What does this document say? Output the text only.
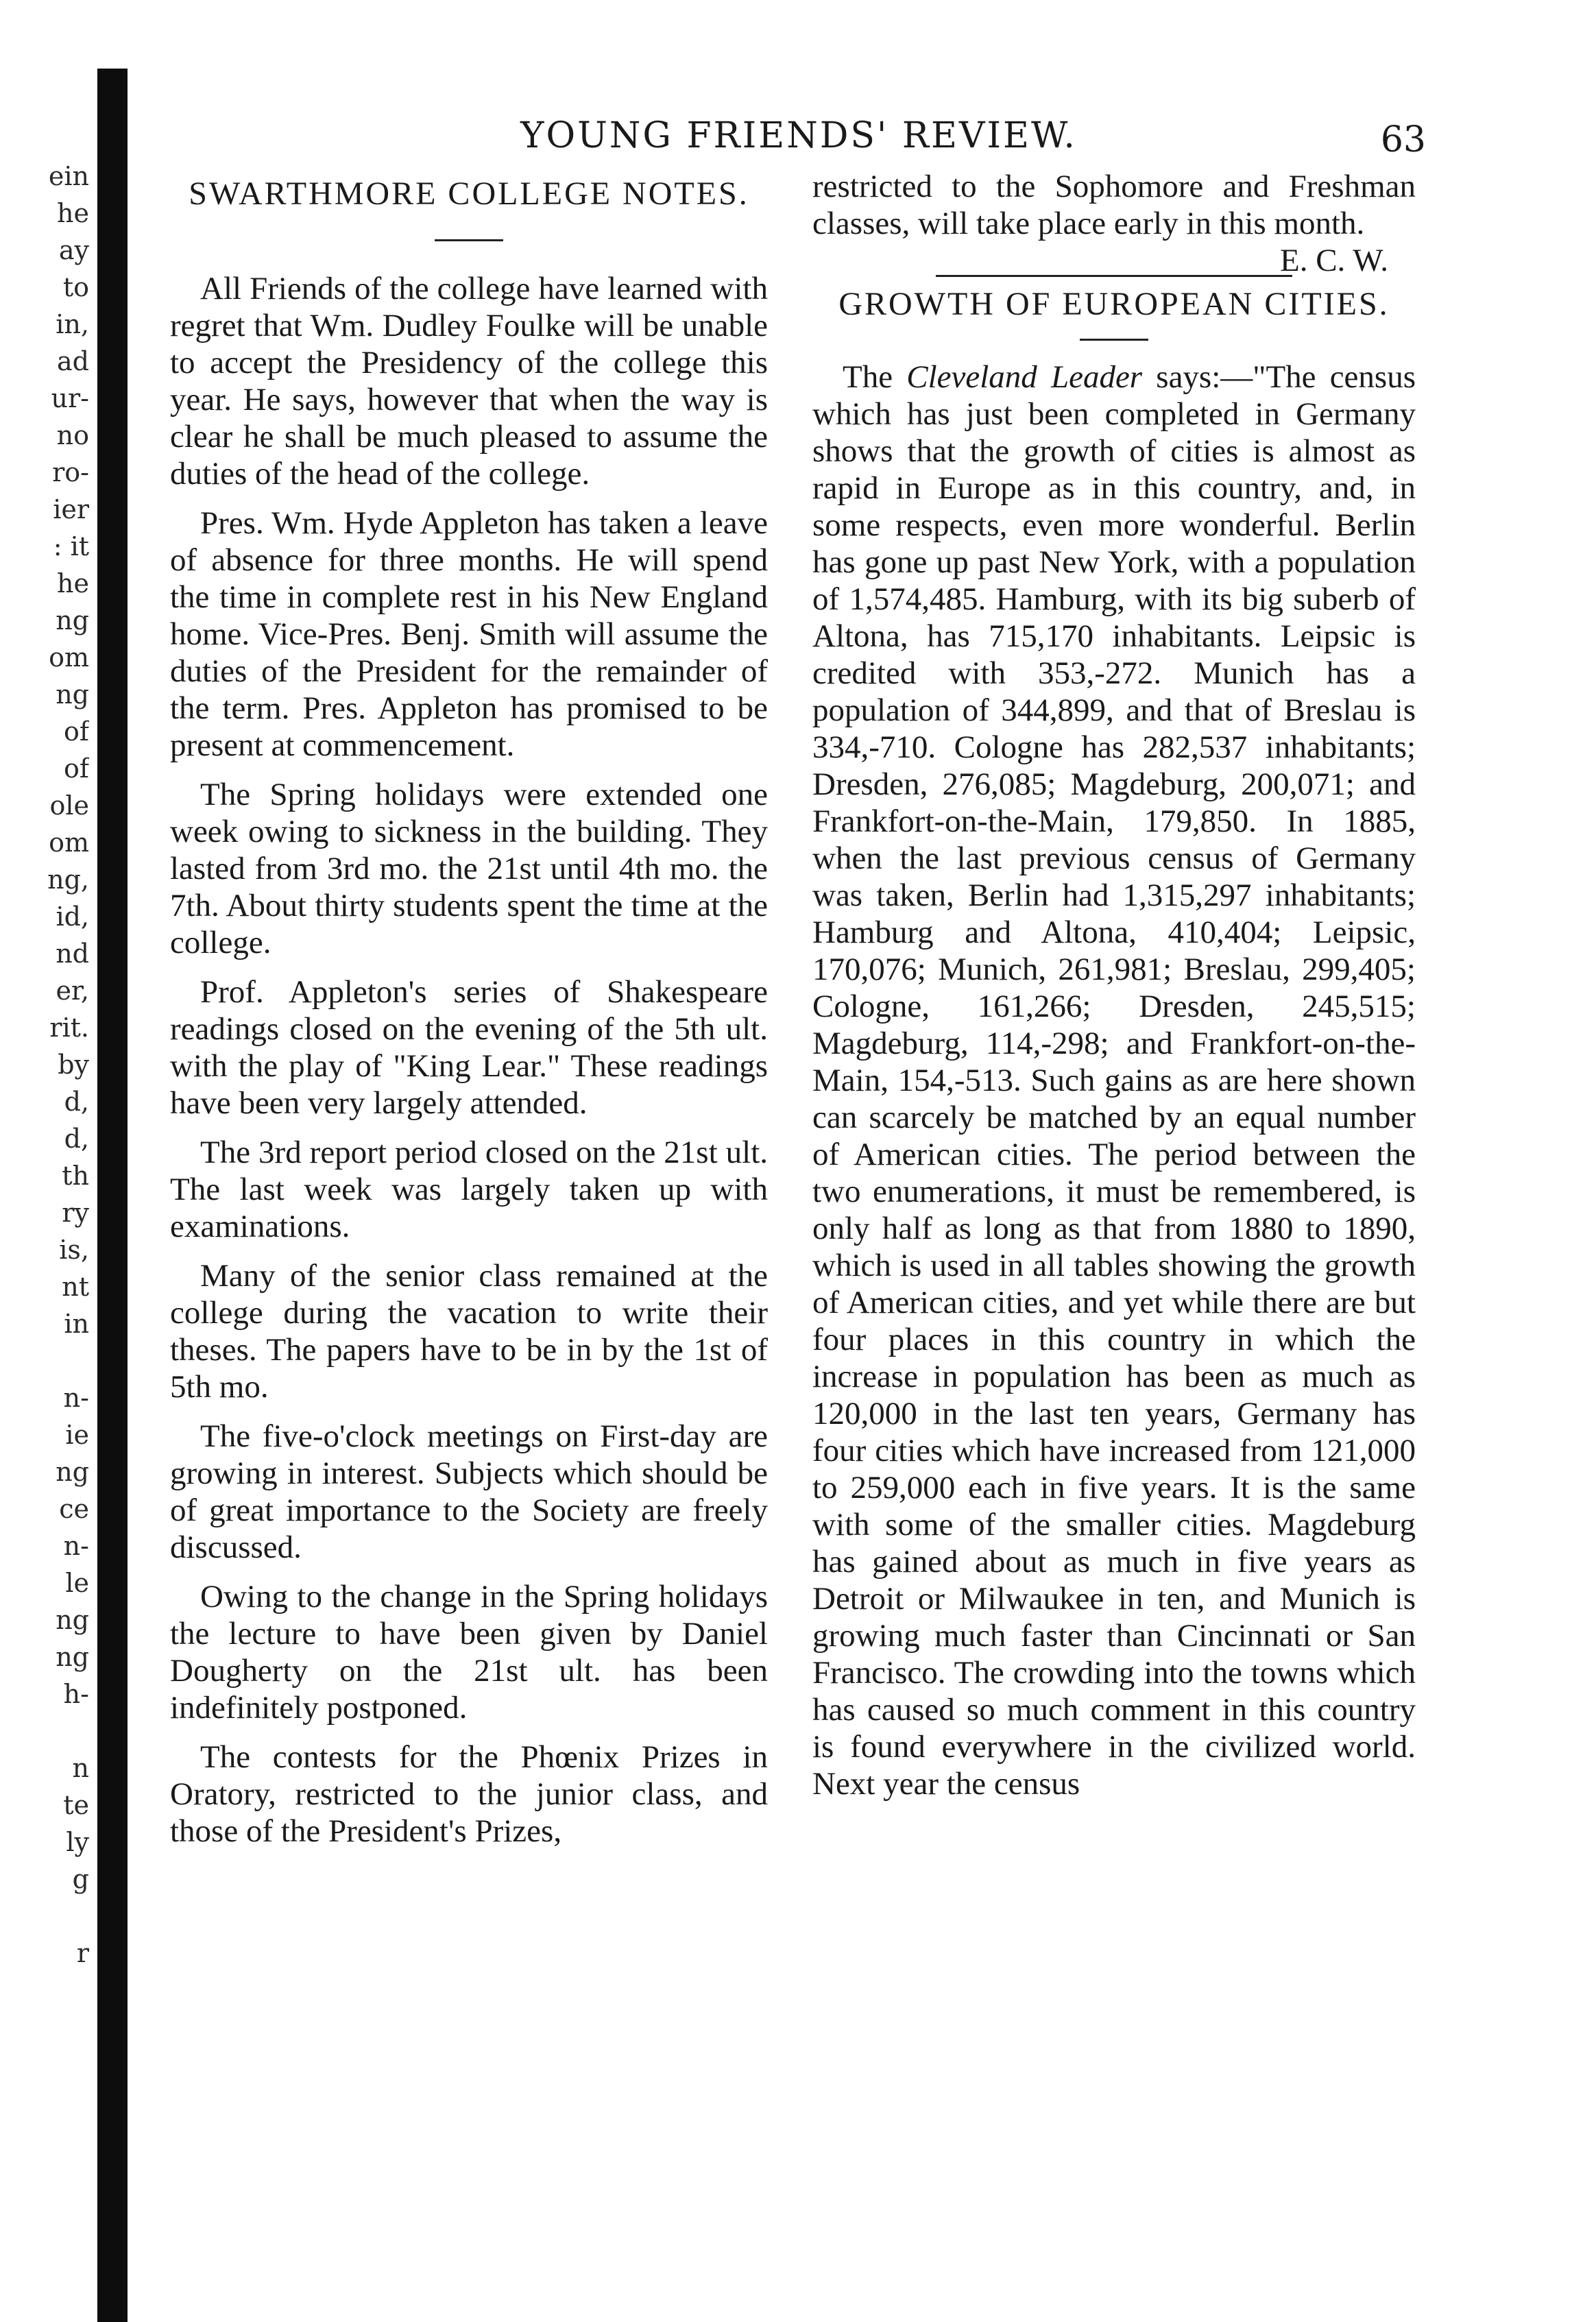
ein
he
ay
to
in,
ad
ur-
no
ro-
ier
: it
he
ng
om
ng
of
of
ole
om
ng,
id,
nd
er,
rit.
by
d,
d,
th
ry
is,
nt
in
n-
ie
ng
ce
n-
le
ng
ng
h-
n
te
ly
g
r
YOUNG FRIENDS' REVIEW.	63
SWARTHMORE COLLEGE NOTES.

All Friends of the college have learned with regret that Wm. Dudley Foulke will be unable to accept the Presidency of the college this year. He says, however that when the way is clear he shall be much pleased to assume the duties of the head of the college.

Pres. Wm. Hyde Appleton has taken a leave of absence for three months. He will spend the time in complete rest in his New England home. Vice-Pres. Benj. Smith will assume the duties of the President for the remainder of the term. Pres. Appleton has promised to be present at commencement.

The Spring holidays were extended one week owing to sickness in the building. They lasted from 3rd mo. the 21st until 4th mo. the 7th. About thirty students spent the time at the college.

Prof. Appleton's series of Shakespeare readings closed on the evening of the 5th ult. with the play of "King Lear." These readings have been very largely attended.

The 3rd report period closed on the 21st ult. The last week was largely taken up with examinations.

Many of the senior class remained at the college during the vacation to write their theses. The papers have to be in by the 1st of 5th mo.

The five-o'clock meetings on First-day are growing in interest. Subjects which should be of great importance to the Society are freely discussed.

Owing to the change in the Spring holidays the lecture to have been given by Daniel Dougherty on the 21st ult. has been indefinitely postponed.

The contests for the Phœnix Prizes in Oratory, restricted to the junior class, and those of the President's Prizes,

restricted to the Sophomore and Freshman classes, will take place early in this month.
E. C. W.

GROWTH OF EUROPEAN CITIES.

The Cleveland Leader says:—"The census which has just been completed in Germany shows that the growth of cities is almost as rapid in Europe as in this country, and, in some respects, even more wonderful. Berlin has gone up past New York, with a population of 1,574,485. Hamburg, with its big suberb of Altona, has 715,170 inhabitants. Leipsic is credited with 353,-272. Munich has a population of 344,899, and that of Breslau is 334,-710. Cologne has 282,537 inhabitants; Dresden, 276,085; Magdeburg, 200,071; and Frankfort-on-the-Main, 179,850. In 1885, when the last previous census of Germany was taken, Berlin had 1,315,297 inhabitants; Hamburg and Altona, 410,404; Leipsic, 170,076; Munich, 261,981; Breslau, 299,405; Cologne, 161,266; Dresden, 245,515; Magdeburg, 114,-298; and Frankfort-on-the-Main, 154,-513. Such gains as are here shown can scarcely be matched by an equal number of American cities. The period between the two enumerations, it must be remembered, is only half as long as that from 1880 to 1890, which is used in all tables showing the growth of American cities, and yet while there are but four places in this country in which the increase in population has been as much as 120,000 in the last ten years, Germany has four cities which have increased from 121,000 to 259,000 each in five years. It is the same with some of the smaller cities. Magdeburg has gained about as much in five years as Detroit or Milwaukee in ten, and Munich is growing much faster than Cincinnati or San Francisco. The crowding into the towns which has caused so much comment in this country is found everywhere in the civilized world. Next year the census
